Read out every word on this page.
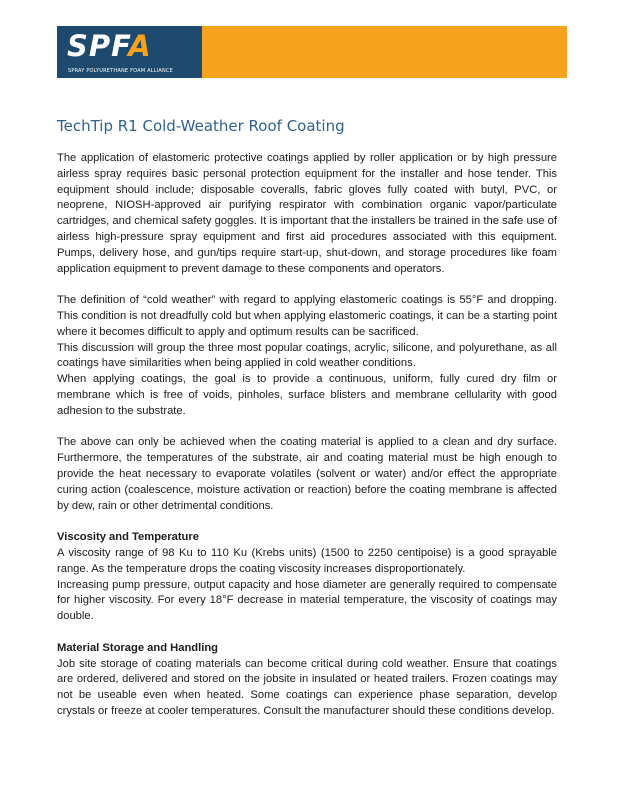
SPFA
SPRAY POLYURETHANE FOAM ALLIANCE
TechTip R1 Cold-Weather Roof Coating

The application of elastomeric protective coatings applied by roller application or by high pressure airless spray requires basic personal protection equipment for the installer and hose tender. This equipment should include; disposable coveralls, fabric gloves fully coated with butyl, PVC, or neoprene, NIOSH-approved air purifying respirator with combination organic vapor/particulate cartridges, and chemical safety goggles. It is important that the installers be trained in the safe use of airless high-pressure spray equipment and first aid procedures associated with this equipment. Pumps, delivery hose, and gun/tips require start-up, shut-down, and storage procedures like foam application equipment to prevent damage to these components and operators.

The definition of “cold weather” with regard to applying elastomeric coatings is 55°F and dropping. This condition is not dreadfully cold but when applying elastomeric coatings, it can be a starting point where it becomes difficult to apply and optimum results can be sacrificed.

This discussion will group the three most popular coatings, acrylic, silicone, and polyurethane, as all coatings have similarities when being applied in cold weather conditions.

When applying coatings, the goal is to provide a continuous, uniform, fully cured dry film or membrane which is free of voids, pinholes, surface blisters and membrane cellularity with good adhesion to the substrate.

The above can only be achieved when the coating material is applied to a clean and dry surface. Furthermore, the temperatures of the substrate, air and coating material must be high enough to provide the heat necessary to evaporate volatiles (solvent or water) and/or effect the appropriate curing action (coalescence, moisture activation or reaction) before the coating membrane is affected by dew, rain or other detrimental conditions.

Viscosity and Temperature

A viscosity range of 98 Ku to 110 Ku (Krebs units) (1500 to 2250 centipoise) is a good sprayable range. As the temperature drops the coating viscosity increases disproportionately.

Increasing pump pressure, output capacity and hose diameter are generally required to compensate for higher viscosity. For every 18°F decrease in material temperature, the viscosity of coatings may double.

Material Storage and Handling

Job site storage of coating materials can become critical during cold weather. Ensure that coatings are ordered, delivered and stored on the jobsite in insulated or heated trailers. Frozen coatings may not be useable even when heated. Some coatings can experience phase separation, develop crystals or freeze at cooler temperatures. Consult the manufacturer should these conditions develop.
